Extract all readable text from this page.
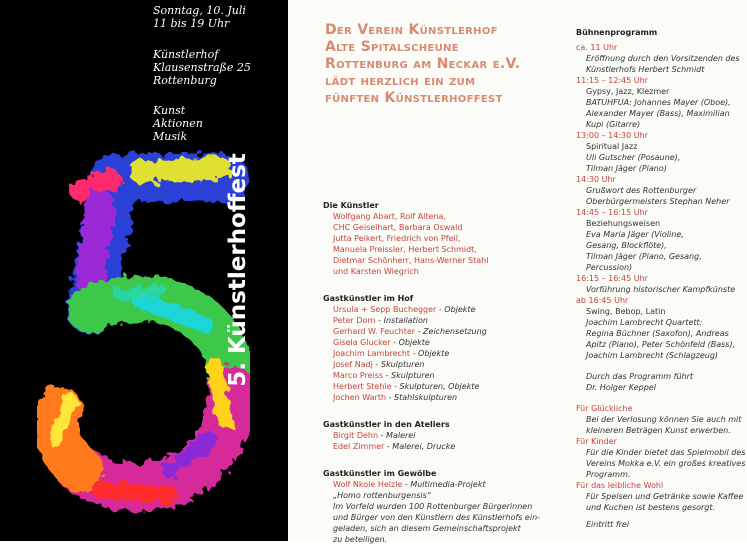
Sonntag, 10. Juli
11 bis 19 Uhr
Künstlerhof
Klausenstraße 25
Rottenburg
Kunst
Aktionen
Musik
5. Künstlerhoffest
Der Verein Künstlerhof
Alte Spitalscheune
Rottenburg am Neckar e.V.
lädt herzlich ein zum
fünften Künstlerhoffest
Die Künstler
Wolfgang Abart, Rolf Altena,
CHC Geiselhart, Barbara Oswald
Jutta Peikert, Friedrich von Pfeil,
Manuela Preissler, Herbert Schmidt,
Dietmar Schönherr, Hans-Werner Stahl
und Karsten Wiegrich
Gastkünstler im Hof
Ursula + Sepp Buchegger - Objekte
Peter Dorn - Installation
Gerhard W. Feuchter - Zeichensetzung
Gisela Glucker - Objekte
Joachim Lambrecht - Objekte
Josef Nadj - Skulpturen
Marco Preiss - Skulpturen
Herbert Stehle - Skulpturen, Objekte
Jochen Warth - Stahlskulpturen
Gastkünstler in den Ateliers
Birgit Dehn - Malerei
Edel Zimmer - Malerei, Drucke
Gastkünstler im Gewölbe
Wolf Nkole Helzle - Multimedia-Projekt
„Homo rottenburgensis“
Im Vorfeld wurden 100 Rottenburger Bürgerinnen
und Bürger von den Künstlern des Künstlerhofs ein-
geladen, sich an diesem Gemeinschaftsprojekt
zu beteiligen.
Bühnenprogramm
ca. 11 Uhr
Eröffnung durch den Vorsitzenden des
Künstlerhofs Herbert Schmidt
11:15 – 12:45 Uhr
Gypsy, Jazz, Klezmer
BATUHFUA: Johannes Mayer (Oboe),
Alexander Mayer (Bass), Maximilian
Kupi (Gitarre)
13:00 – 14:30 Uhr
Spiritual Jazz
Uli Gutscher (Posaune),
Tilman Jäger (Piano)
14:30 Uhr
Grußwort des Rottenburger
Oberbürgermeisters Stephan Neher
14:45 – 16:15 Uhr
Beziehungsweisen
Eva Maria Jäger (Violine,
Gesang, Blockflöte),
Tilman Jäger (Piano, Gesang,
Percussion)
16:15 – 16:45 Uhr
Vorführung historischer Kampfkünste
ab 16:45 Uhr
Swing, Bebop, Latin
Joachim Lambrecht Quartett:
Regina Büchner (Saxofon), Andreas
Apitz (Piano), Peter Schönfeld (Bass),
Joachim Lambrecht (Schlagzeug)
Durch das Programm führt
Dr. Holger Keppel
Für Glückliche
Bei der Verlosung können Sie auch mit
kleineren Beträgen Kunst erwerben.
Für Kinder
Für die Kinder bietet das Spielmobil des
Vereins Mokka e.V. ein großes kreatives
Programm.
Für das leibliche Wohl
Für Speisen und Getränke sowie Kaffee
und Kuchen ist bestens gesorgt.
Eintritt frei
